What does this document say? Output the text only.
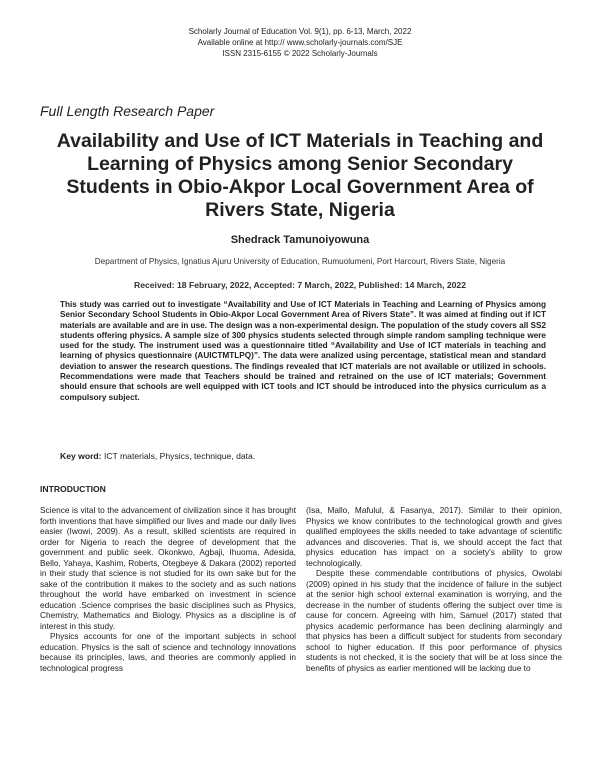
Scholarly Journal of Education Vol. 9(1), pp. 6-13, March, 2022
Available online at http:// www.scholarly-journals.com/SJE
ISSN 2315-6155 © 2022 Scholarly-Journals
Full Length Research Paper
Availability and Use of ICT Materials in Teaching and Learning of Physics among Senior Secondary Students in Obio-Akpor Local Government Area of Rivers State, Nigeria
Shedrack Tamunoiyowuna
Department of Physics, Ignatius Ajuru University of Education, Rumuolumeni, Port Harcourt, Rivers State, Nigeria
Received: 18 February, 2022, Accepted: 7 March, 2022, Published: 14 March, 2022
This study was carried out to investigate “Availability and Use of ICT Materials in Teaching and Learning of Physics among Senior Secondary School Students in Obio-Akpor Local Government Area of Rivers State”. It was aimed at finding out if ICT materials are available and are in use. The design was a non-experimental design. The population of the study covers all SS2 students offering physics. A sample size of 300 physics students selected through simple random sampling technique were used for the study. The instrument used was a questionnaire titled “Availability and Use of ICT materials in teaching and learning of physics questionnaire (AUICTMTLPQ)”. The data were analized using percentage, statistical mean and standard deviation to answer the research questions. The findings revealed that ICT materials are not available or utilized in schools. Recommendations were made that Teachers should be trained and retrained on the use of ICT materials; Government should ensure that schools are well equipped with ICT tools and ICT should be introduced into the physics curriculum as a compulsory subject.
Key word: ICT materials, Physics, technique, data.
INTRODUCTION

Science is vital to the advancement of civilization since it has brought forth inventions that have simplified our lives and made our daily lives easier (Iwowi, 2009). As a result, skilled scientists are required in order for Nigeria to reach the degree of development that the government and public seek. Okonkwo, Agbaji, Ihuoma, Adesida, Bello, Yahaya, Kashim, Roberts, Otegbeye & Dakara (2002) reported in their study that science is not studied for its own sake but for the sake of the contribution it makes to the society and as such nations throughout the world have embarked on investment in science education .Science comprises the basic disciplines such as Physics, Chemistry, Mathematics and Biology. Physics as a discipline is of interest in this study.

Physics accounts for one of the important subjects in school education. Physics is the salt of science and technology innovations because its principles, laws, and theories are commonly applied in technological progress

(Isa, Mallo, Mafulul, & Fasanya, 2017). Similar to their opinion, Physics we know contributes to the technological growth and gives qualified employees the skills needed to take advantage of scientific advances and discoveries. That is, we should accept the fact that physics education has impact on a society's ability to grow technologically.

Despite these commendable contributions of physics, Owolabi (2009) opined in his study that the incidence of failure in the subject at the senior high school external examination is worrying, and the decrease in the number of students offering the subject over time is cause for concern. Agreeing with him, Samuel (2017) stated that physics academic performance has been declining alarmingly and that physics has been a difficult subject for students from secondary school to higher education. If this poor performance of physics students is not checked, it is the society that will be at loss since the benefits of physics as earlier mentioned will be lacking due to
